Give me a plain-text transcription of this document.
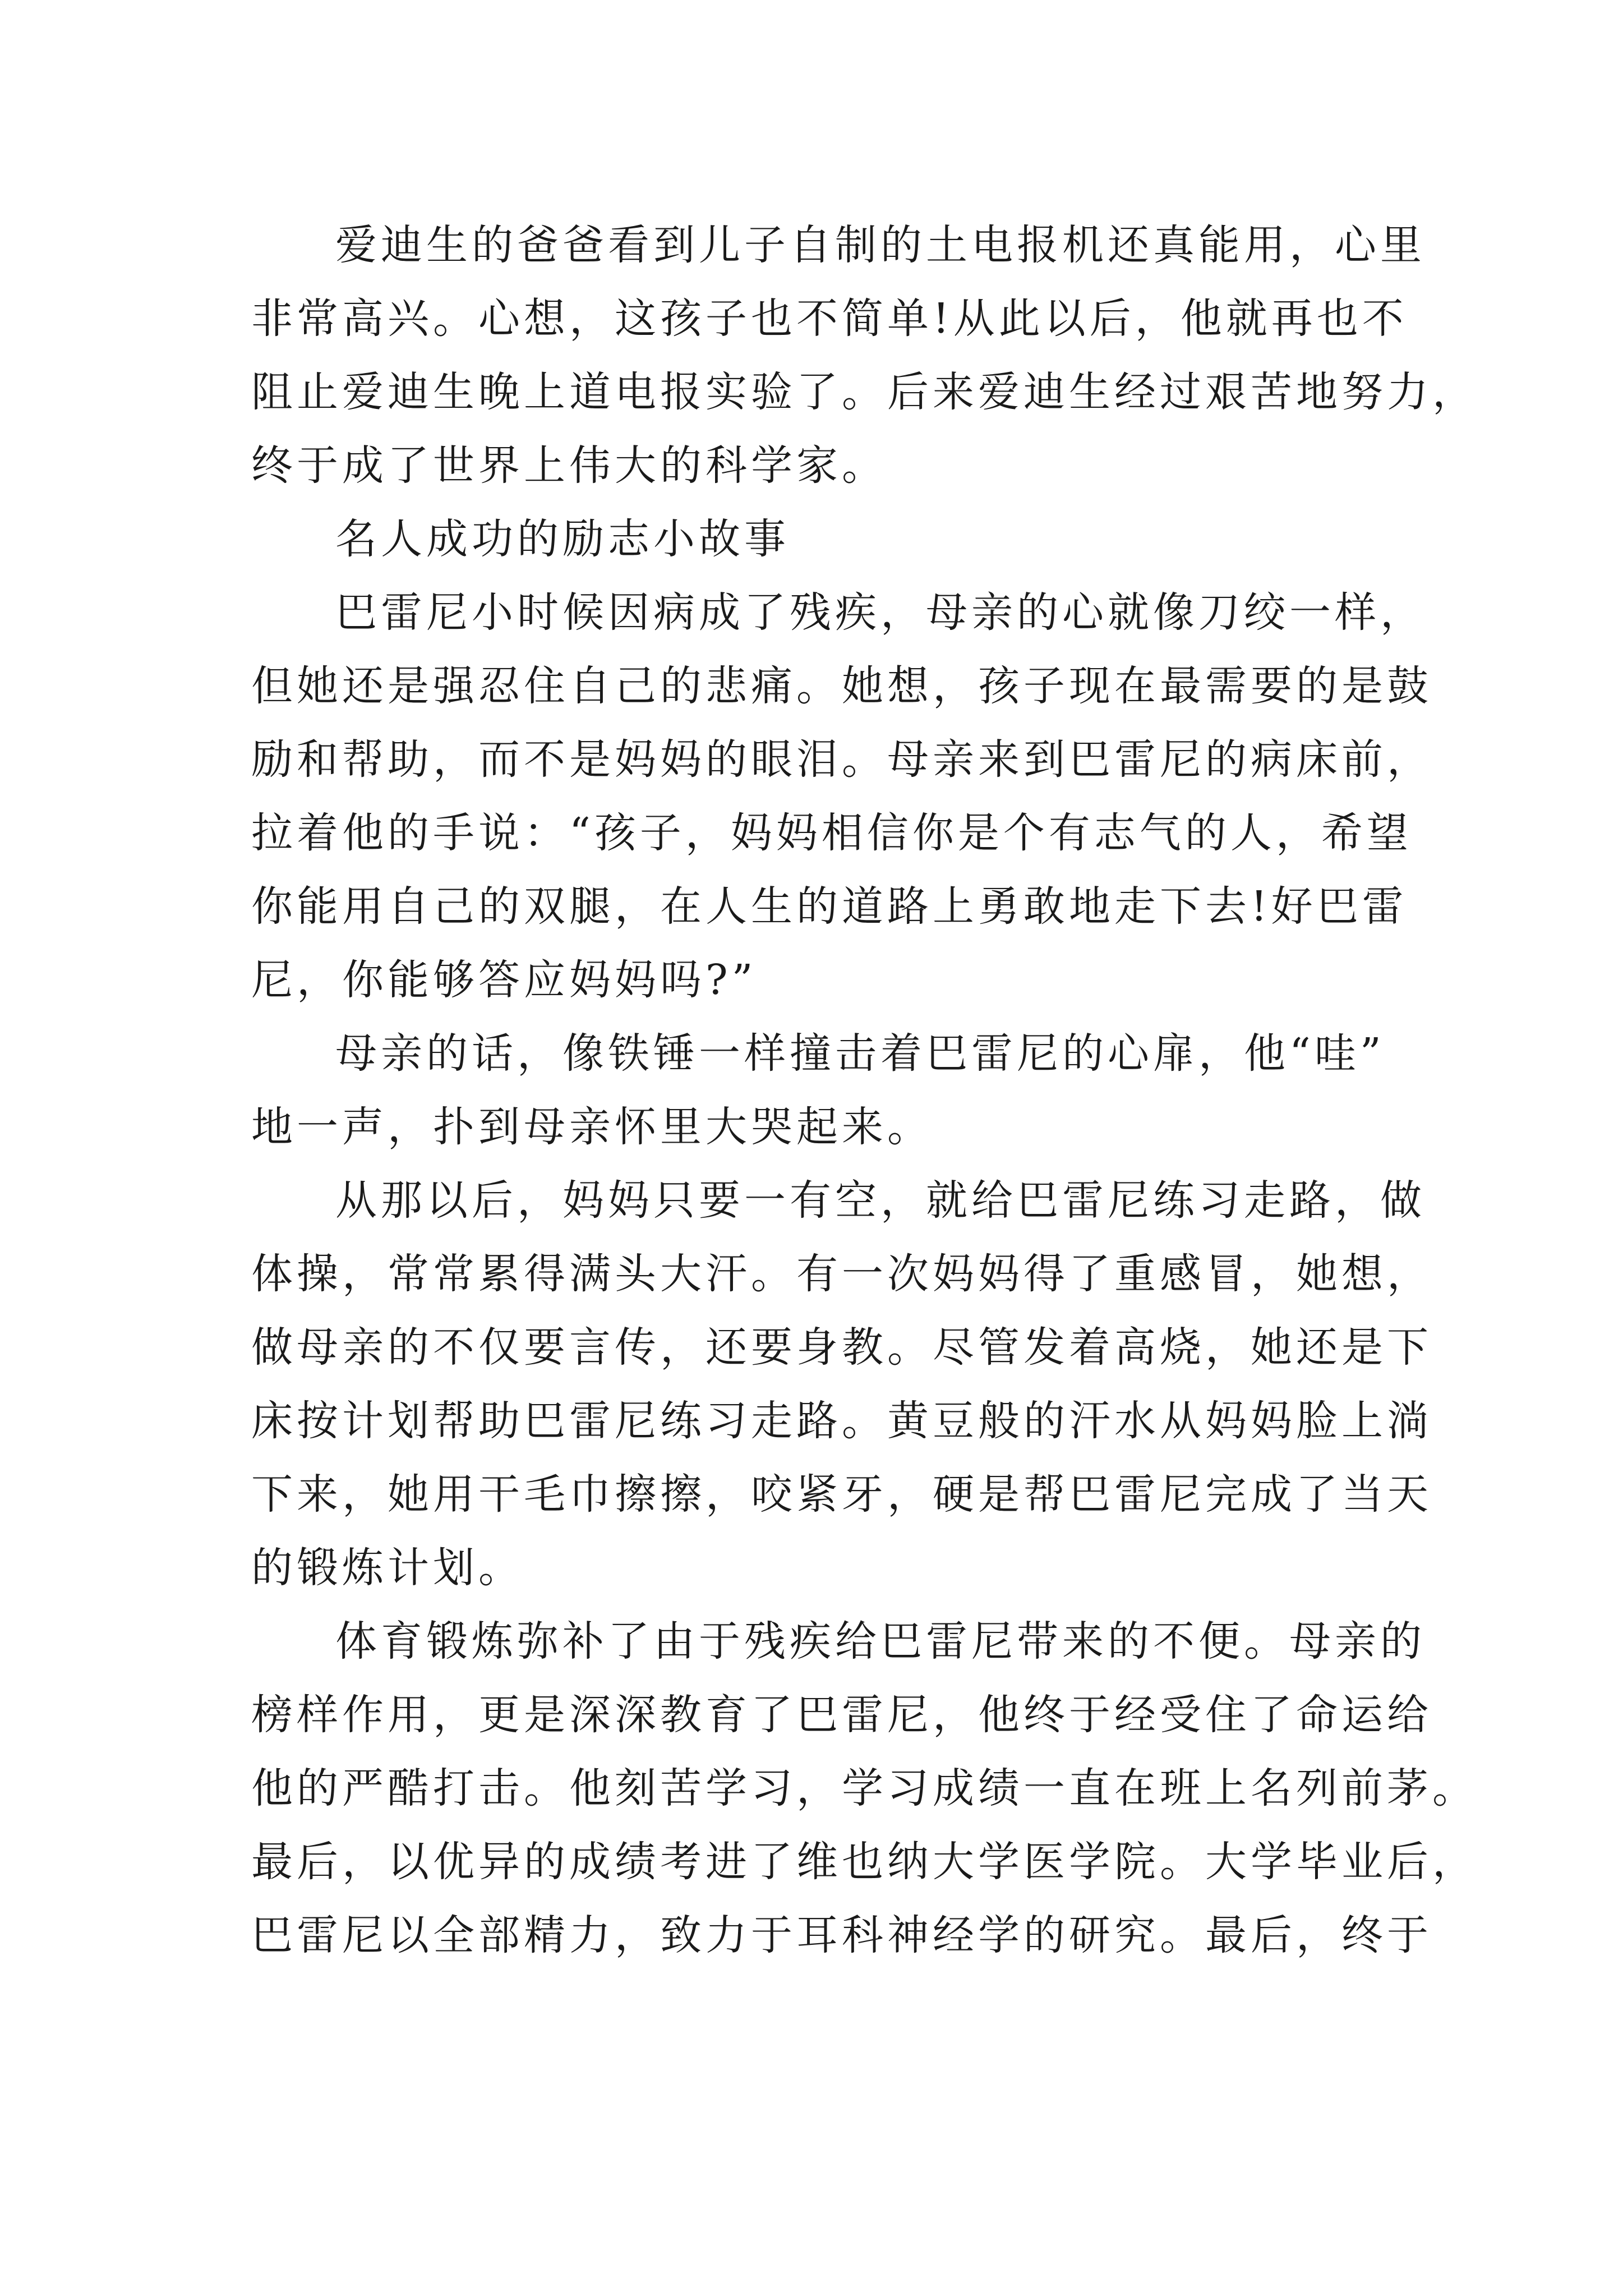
爱迪生的爸爸看到儿子自制的土电报机还真能用，心里
非常高兴。心想，这孩子也不简单!从此以后，他就再也不
阻止爱迪生晚上道电报实验了。后来爱迪生经过艰苦地努力，
终于成了世界上伟大的科学家。
名人成功的励志小故事
巴雷尼小时候因病成了残疾，母亲的心就像刀绞一样，
但她还是强忍住自己的悲痛。她想，孩子现在最需要的是鼓
励和帮助，而不是妈妈的眼泪。母亲来到巴雷尼的病床前，
拉着他的手说：“孩子，妈妈相信你是个有志气的人，希望
你能用自己的双腿，在人生的道路上勇敢地走下去!好巴雷
尼，你能够答应妈妈吗?”
母亲的话，像铁锤一样撞击着巴雷尼的心扉，他“哇”
地一声，扑到母亲怀里大哭起来。
从那以后，妈妈只要一有空，就给巴雷尼练习走路，做
体操，常常累得满头大汗。有一次妈妈得了重感冒，她想，
做母亲的不仅要言传，还要身教。尽管发着高烧，她还是下
床按计划帮助巴雷尼练习走路。黄豆般的汗水从妈妈脸上淌
下来，她用干毛巾擦擦，咬紧牙，硬是帮巴雷尼完成了当天
的锻炼计划。
体育锻炼弥补了由于残疾给巴雷尼带来的不便。母亲的
榜样作用，更是深深教育了巴雷尼，他终于经受住了命运给
他的严酷打击。他刻苦学习，学习成绩一直在班上名列前茅。
最后，以优异的成绩考进了维也纳大学医学院。大学毕业后，
巴雷尼以全部精力，致力于耳科神经学的研究。最后，终于
